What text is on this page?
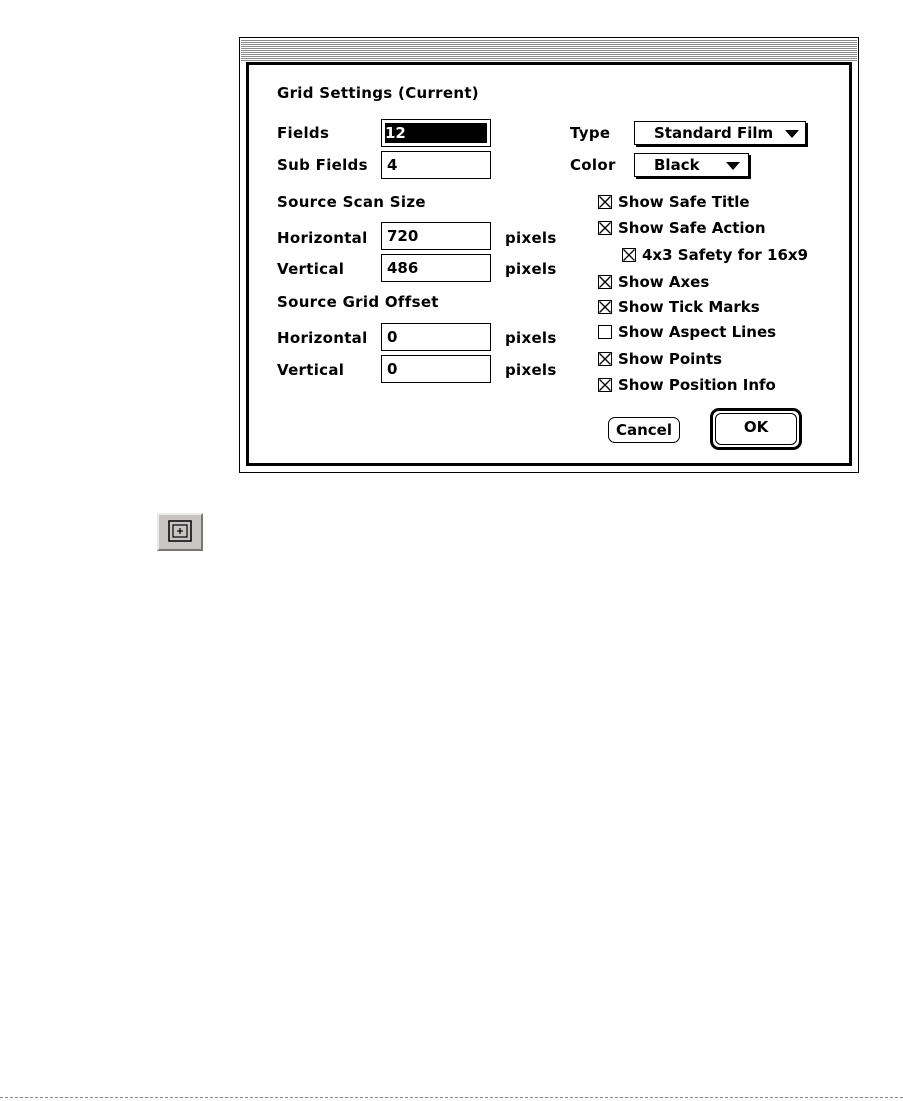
Grid Settings (Current)
Fields	12
Sub Fields	4
Source Scan Size
Horizontal	720	pixels
Vertical	486	pixels
Source Grid Offset
Horizontal	0	pixels
Vertical	0	pixels
Type	Standard Film
Color	Black
Show Safe Title
Show Safe Action
4x3 Safety for 16x9
Show Axes
Show Tick Marks
Show Aspect Lines
Show Points
Show Position Info
Cancel	OK
